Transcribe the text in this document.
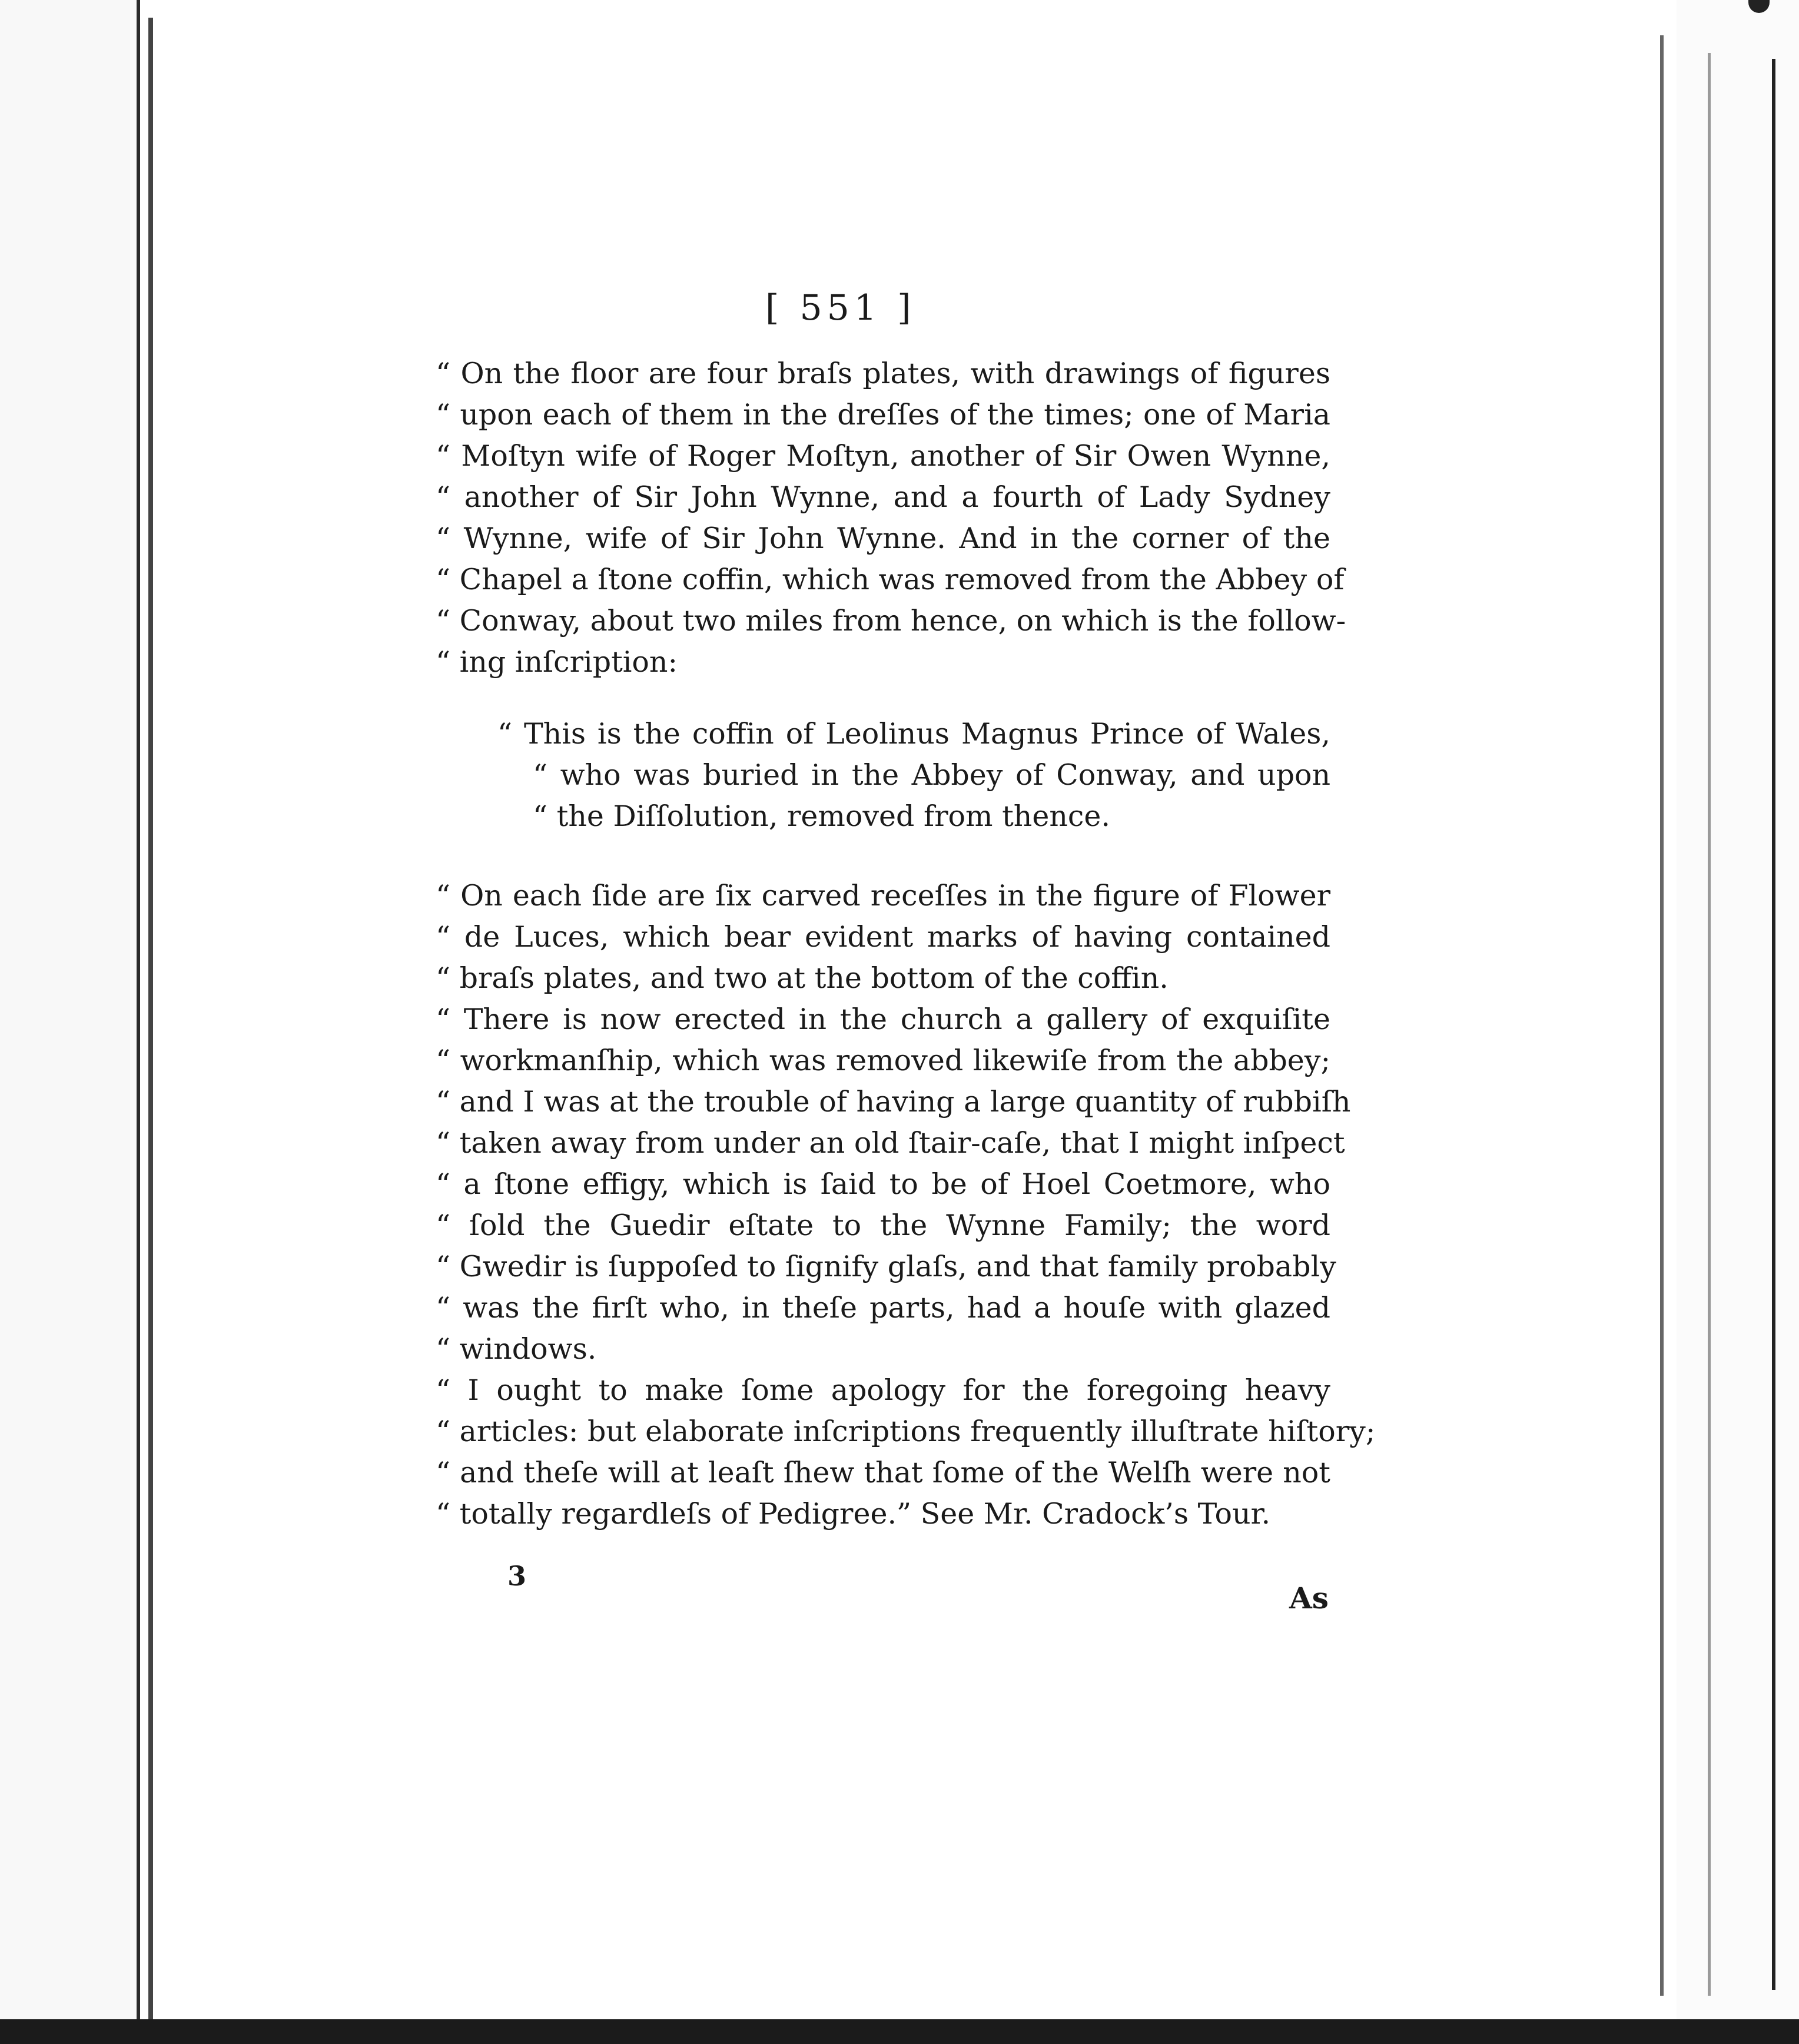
[ 551 ]
“ On the floor are four braſs plates, with drawings of figures
“ upon each of them in the dreſſes of the times; one of Maria
“ Moſtyn wife of Roger Moſtyn, another of Sir Owen Wynne,
“ another of Sir John Wynne, and a fourth of Lady Sydney
“ Wynne, wife of Sir John Wynne. And in the corner of the
“ Chapel a ſtone coffin, which was removed from the Abbey of
“ Conway, about two miles from hence, on which is the follow-
“ ing inſcription:
“ This is the coffin of Leolinus Magnus Prince of Wales,
“ who was buried in the Abbey of Conway, and upon
“ the Diſſolution, removed from thence.
“ On each ſide are ſix carved receſſes in the figure of Flower
“ de Luces, which bear evident marks of having contained
“ braſs plates, and two at the bottom of the coffin.
“ There is now erected in the church a gallery of exquiſite
“ workmanſhip, which was removed likewiſe from the abbey;
“ and I was at the trouble of having a large quantity of rubbiſh
“ taken away from under an old ſtair-caſe, that I might inſpect
“ a ſtone effigy, which is ſaid to be of Hoel Coetmore, who
“ ſold the Guedir eſtate to the Wynne Family; the word
“ Gwedir is ſuppoſed to ſignify glaſs, and that family probably
“ was the firſt who, in theſe parts, had a houſe with glazed
“ windows.
“ I ought to make ſome apology for the foregoing heavy
“ articles: but elaborate inſcriptions frequently illuſtrate hiſtory;
“ and theſe will at leaſt ſhew that ſome of the Welſh were not
“ totally regardleſs of Pedigree.” See Mr. Cradock’s Tour.
3
As
